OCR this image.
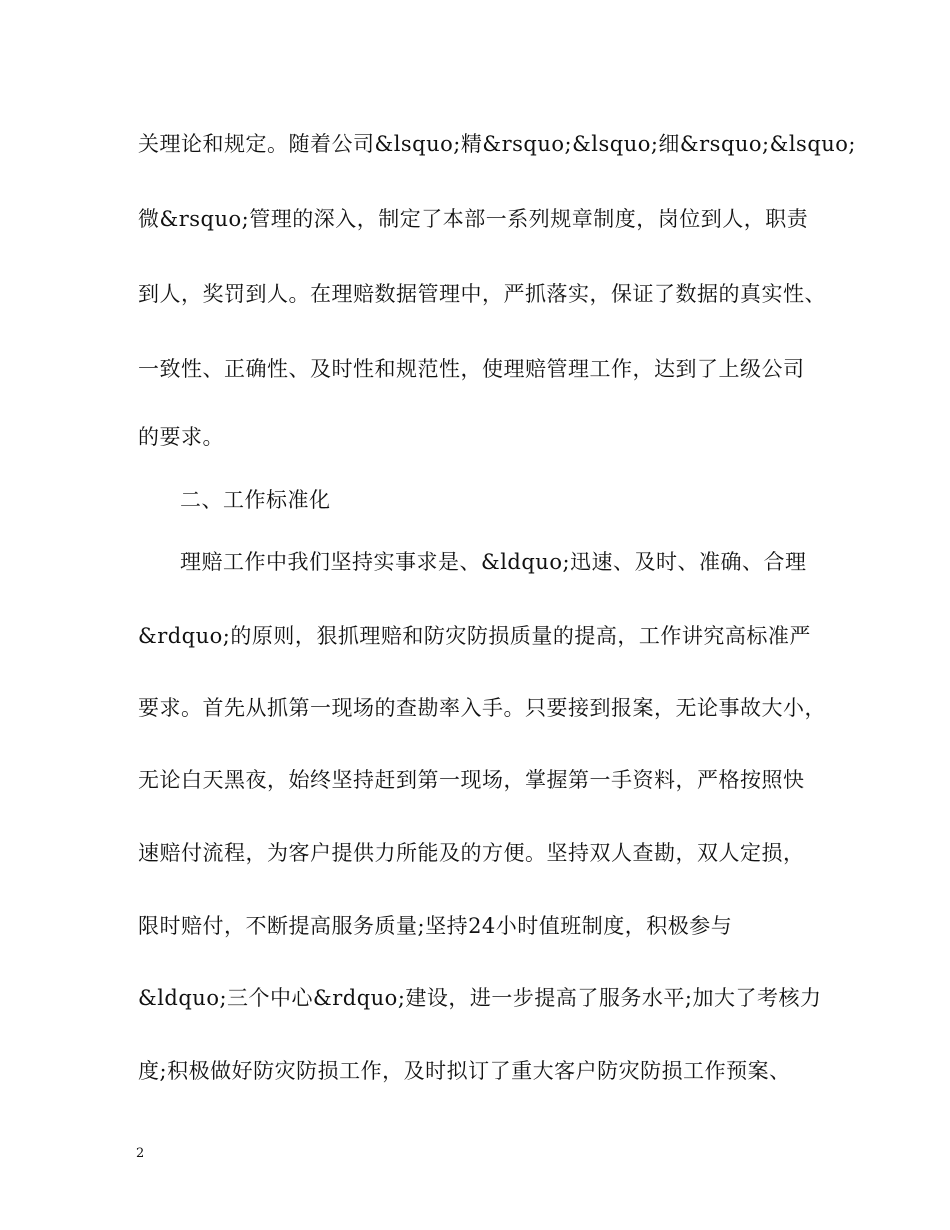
关理论和规定。随着公司&lsquo;精&rsquo;&lsquo;细&rsquo;&lsquo;
微&rsquo;管理的深入，制定了本部一系列规章制度，岗位到人，职责
到人，奖罚到人。在理赔数据管理中，严抓落实，保证了数据的真实性、
一致性、正确性、及时性和规范性，使理赔管理工作，达到了上级公司
的要求。
二、工作标准化
理赔工作中我们坚持实事求是、&ldquo;迅速、及时、准确、合理
&rdquo;的原则，狠抓理赔和防灾防损质量的提高，工作讲究高标准严
要求。首先从抓第一现场的查勘率入手。只要接到报案，无论事故大小，
无论白天黑夜，始终坚持赶到第一现场，掌握第一手资料，严格按照快
速赔付流程，为客户提供力所能及的方便。坚持双人查勘，双人定损，
限时赔付，不断提高服务质量;坚持24小时值班制度，积极参与
&ldquo;三个中心&rdquo;建设，进一步提高了服务水平;加大了考核力
度;积极做好防灾防损工作，及时拟订了重大客户防灾防损工作预案、
2
